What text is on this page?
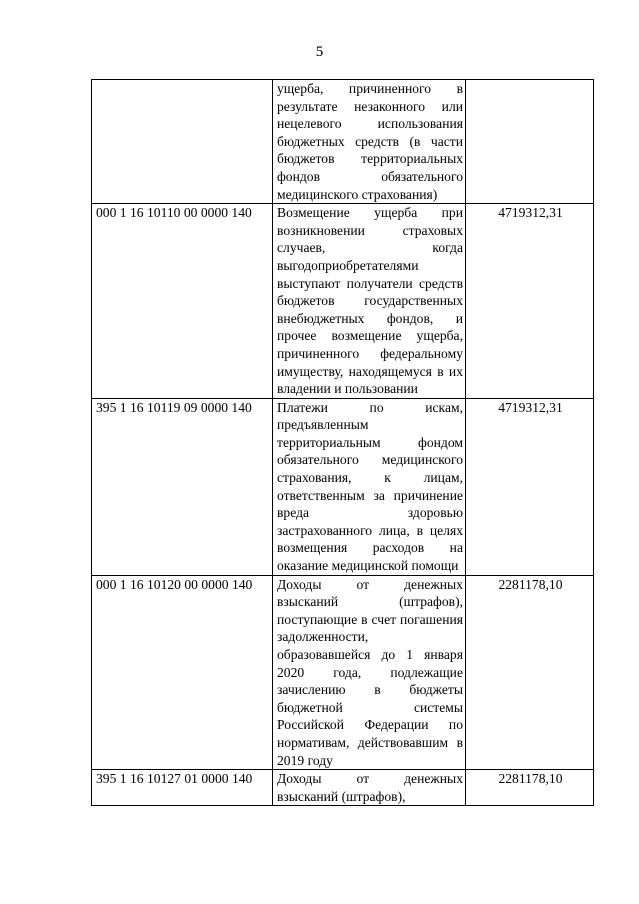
5
	ущерба, причиненного в результате незаконного или нецелевого использования бюджетных средств (в части бюджетов территориальных фондов обязательного медицинского страхования)	
000 1 16 10110 00 0000 140	Возмещение ущерба при возникновении страховых случаев, когда выгодоприобретателями выступают получатели средств бюджетов государственных внебюджетных фондов, и прочее возмещение ущерба, причиненного федеральному имуществу, находящемуся в их владении и пользовании	4719312,31
395 1 16 10119 09 0000 140	Платежи по искам, предъявленным территориальным фондом обязательного медицинского страхования, к лицам, ответственным за причинение вреда здоровью застрахованного лица, в целях возмещения расходов на оказание медицинской помощи	4719312,31
000 1 16 10120 00 0000 140	Доходы от денежных взысканий (штрафов), поступающие в счет погашения задолженности, образовавшейся до 1 января 2020 года, подлежащие зачислению в бюджеты бюджетной системы Российской Федерации по нормативам, действовавшим в 2019 году	2281178,10
395 1 16 10127 01 0000 140	Доходы от денежных взысканий (штрафов),	2281178,10
